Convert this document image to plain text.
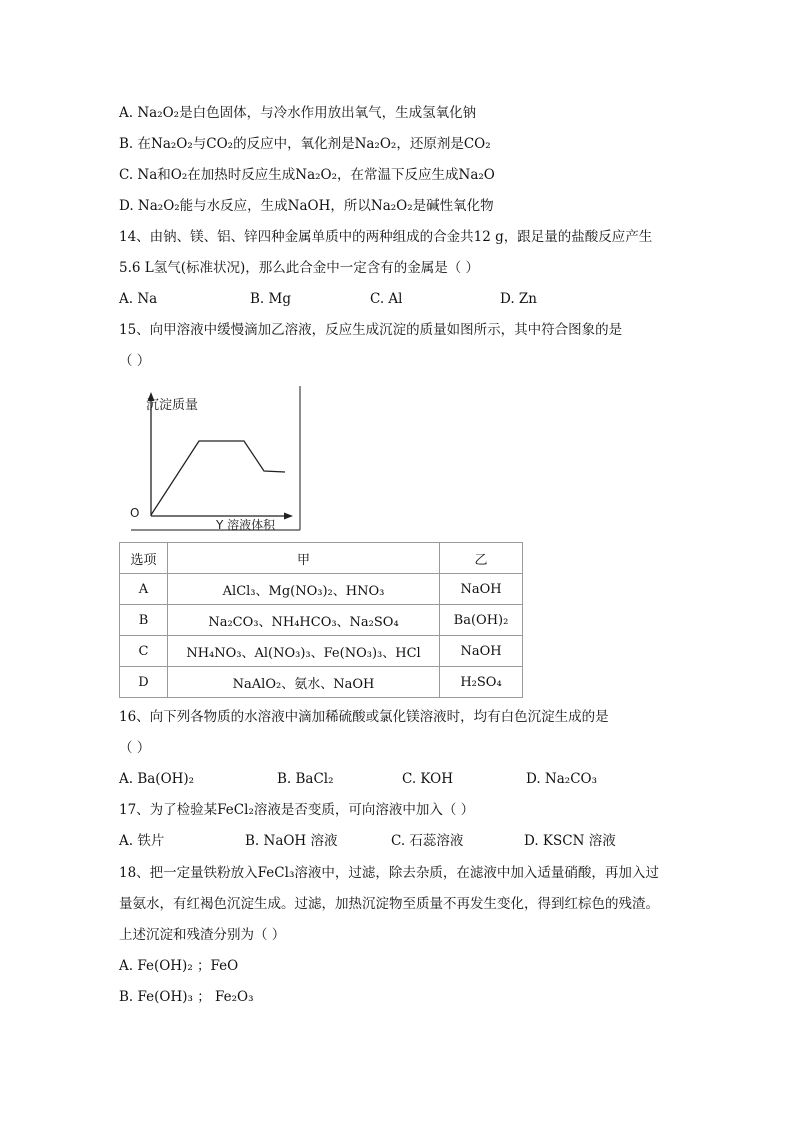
A. Na₂O₂是白色固体，与冷水作用放出氧气，生成氢氧化钠
B. 在Na₂O₂与CO₂的反应中，氧化剂是Na₂O₂，还原剂是CO₂
C. Na和O₂在加热时反应生成Na₂O₂，在常温下反应生成Na₂O
D. Na₂O₂能与水反应，生成NaOH，所以Na₂O₂是碱性氧化物
14、由钠、镁、铝、锌四种金属单质中的两种组成的合金共12 g，跟足量的盐酸反应产生
5.6 L氢气(标准状况)，那么此合金中一定含有的金属是（ ）
A. Na	B. Mg	C. Al	D. Zn
15、向甲溶液中缓慢滴加乙溶液，反应生成沉淀的质量如图所示，其中符合图象的是
（ ）
沉淀质量
Y 溶液体积
O
选项	甲	乙
A	AlCl₃、Mg(NO₃)₂、HNO₃	NaOH
B	Na₂CO₃、NH₄HCO₃、Na₂SO₄	Ba(OH)₂
C	NH₄NO₃、Al(NO₃)₃、Fe(NO₃)₃、HCl	NaOH
D	NaAlO₂、氨水、NaOH	H₂SO₄
16、向下列各物质的水溶液中滴加稀硫酸或氯化镁溶液时，均有白色沉淀生成的是
（ ）
A. Ba(OH)₂	B. BaCl₂	C. KOH	D. Na₂CO₃
17、为了检验某FeCl₂溶液是否变质，可向溶液中加入（ ）
A. 铁片	B. NaOH 溶液	C. 石蕊溶液	D. KSCN 溶液
18、把一定量铁粉放入FeCl₃溶液中，过滤，除去杂质，在滤液中加入适量硝酸，再加入过
量氨水，有红褐色沉淀生成。过滤，加热沉淀物至质量不再发生变化，得到红棕色的残渣。
上述沉淀和残渣分别为（ ）
A. Fe(OH)₂ ；FeO
B. Fe(OH)₃ ； Fe₂O₃
